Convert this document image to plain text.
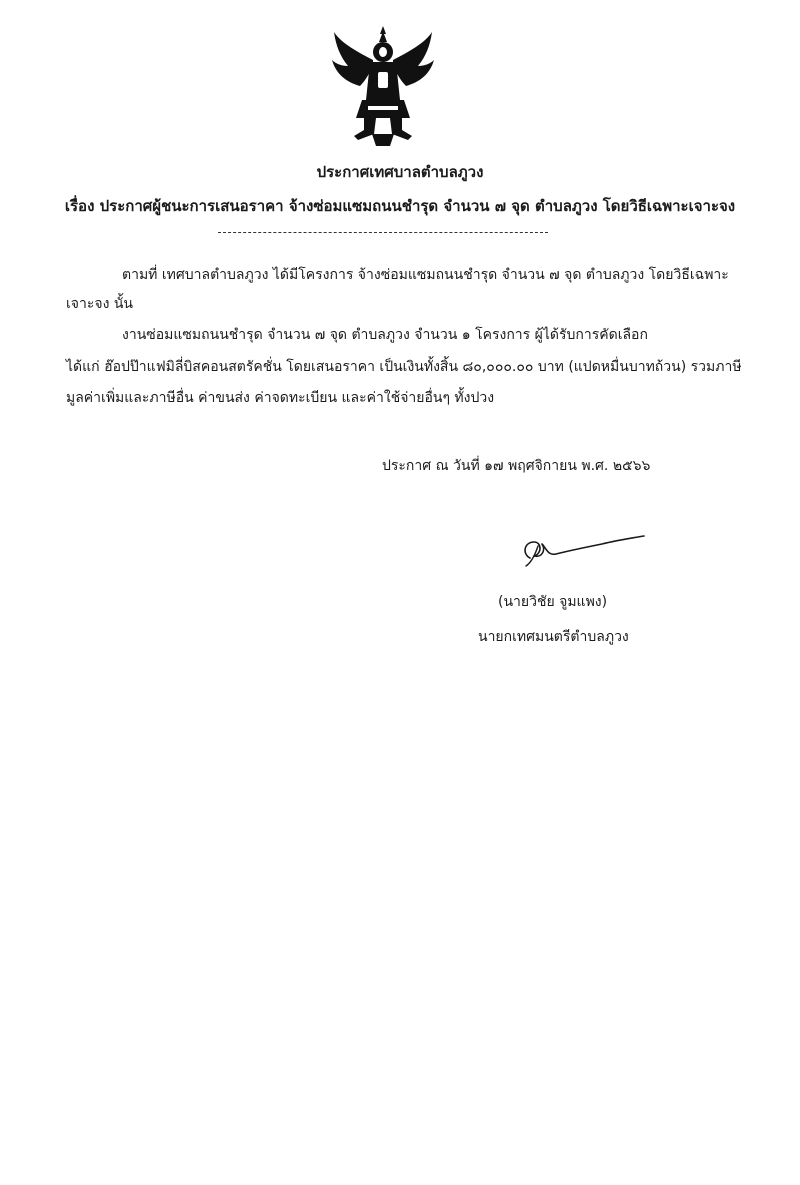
ประกาศเทศบาลตำบลภูวง
เรื่อง ประกาศผู้ชนะการเสนอราคา จ้างซ่อมแซมถนนชำรุด จำนวน ๗ จุด ตำบลภูวง โดยวิธีเฉพาะเจาะจง
ตามที่ เทศบาลตำบลภูวง ได้มีโครงการ จ้างซ่อมแซมถนนชำรุด จำนวน ๗ จุด ตำบลภูวง โดยวิธีเฉพาะ
เจาะจง นั้น
งานซ่อมแซมถนนชำรุด จำนวน ๗ จุด ตำบลภูวง จำนวน ๑ โครงการ ผู้ได้รับการคัดเลือก
ได้แก่ ฮ๊อปป๊าแฟมิลี่บิสคอนสตรัคชั่น โดยเสนอราคา เป็นเงินทั้งสิ้น ๘๐,๐๐๐.๐๐ บาท (แปดหมื่นบาทถ้วน) รวมภาษี
มูลค่าเพิ่มและภาษีอื่น ค่าขนส่ง ค่าจดทะเบียน และค่าใช้จ่ายอื่นๆ ทั้งปวง
ประกาศ ณ วันที่ ๑๗ พฤศจิกายน พ.ศ. ๒๕๖๖
(นายวิชัย จูมแพง)
นายกเทศมนตรีตำบลภูวง
